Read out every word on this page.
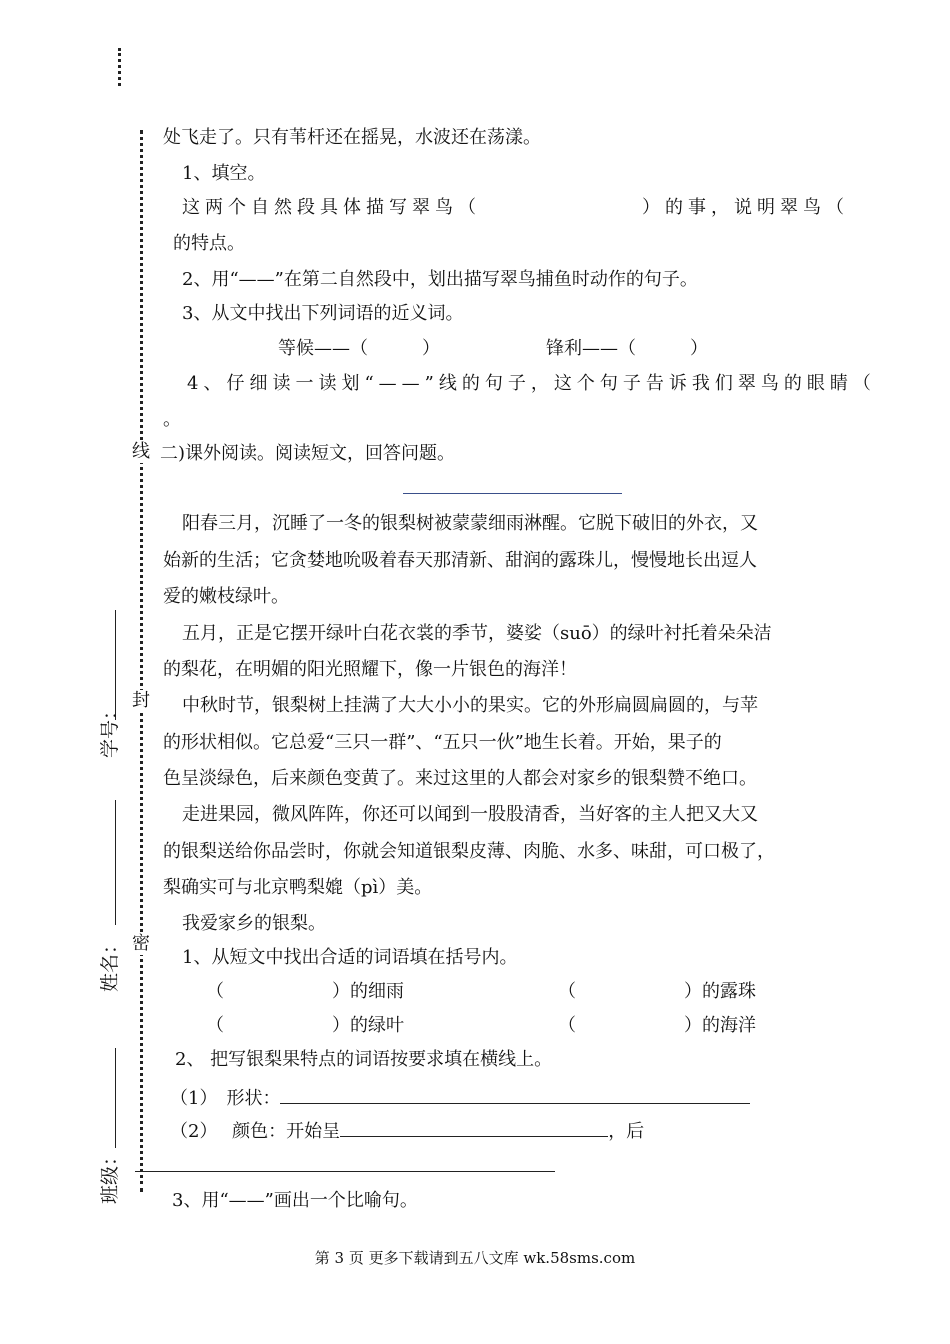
线
封
密
学号：
姓名：
班级：
处飞走了。只有苇杆还在摇晃，水波还在荡漾。
1、填空。
这两个自然段具体描写翠鸟（　　　　　　　）的事，说明翠鸟（
的特点。
2、用“——”在第二自然段中，划出描写翠鸟捕鱼时动作的句子。
3、从文中找出下列词语的近义词。
等候——（　　　）	锋利——（　　　）
4、仔细读一读划“——”线的句子，这个句子告诉我们翠鸟的眼睛（
。
二)课外阅读。阅读短文，回答问题。
阳春三月，沉睡了一冬的银梨树被蒙蒙细雨淋醒。它脱下破旧的外衣，又
始新的生活；它贪婪地吮吸着春天那清新、甜润的露珠儿，慢慢地长出逗人
爱的嫩枝绿叶。
五月，正是它摆开绿叶白花衣裳的季节，婆娑（suō）的绿叶衬托着朵朵洁
的梨花，在明媚的阳光照耀下，像一片银色的海洋！
中秋时节，银梨树上挂满了大大小小的果实。它的外形扁圆扁圆的，与苹
的形状相似。它总爱“三只一群”、“五只一伙”地生长着。开始，果子的
色呈淡绿色，后来颜色变黄了。来过这里的人都会对家乡的银梨赞不绝口。
走进果园，微风阵阵，你还可以闻到一股股清香，当好客的主人把又大又
的银梨送给你品尝时，你就会知道银梨皮薄、肉脆、水多、味甜，可口极了，
梨确实可与北京鸭梨媲（pì）美。
我爱家乡的银梨。
1、从短文中找出合适的词语填在括号内。
（　　　　　　）的细雨	（　　　　　　）的露珠
（　　　　　　）的绿叶	（　　　　　　）的海洋
2、 把写银梨果特点的词语按要求填在横线上。
（1）　形状：
（2）　 颜色：开始呈	，后
3、用“——”画出一个比喻句。
第 3 页 更多下载请到五八文库 wk.58sms.com
